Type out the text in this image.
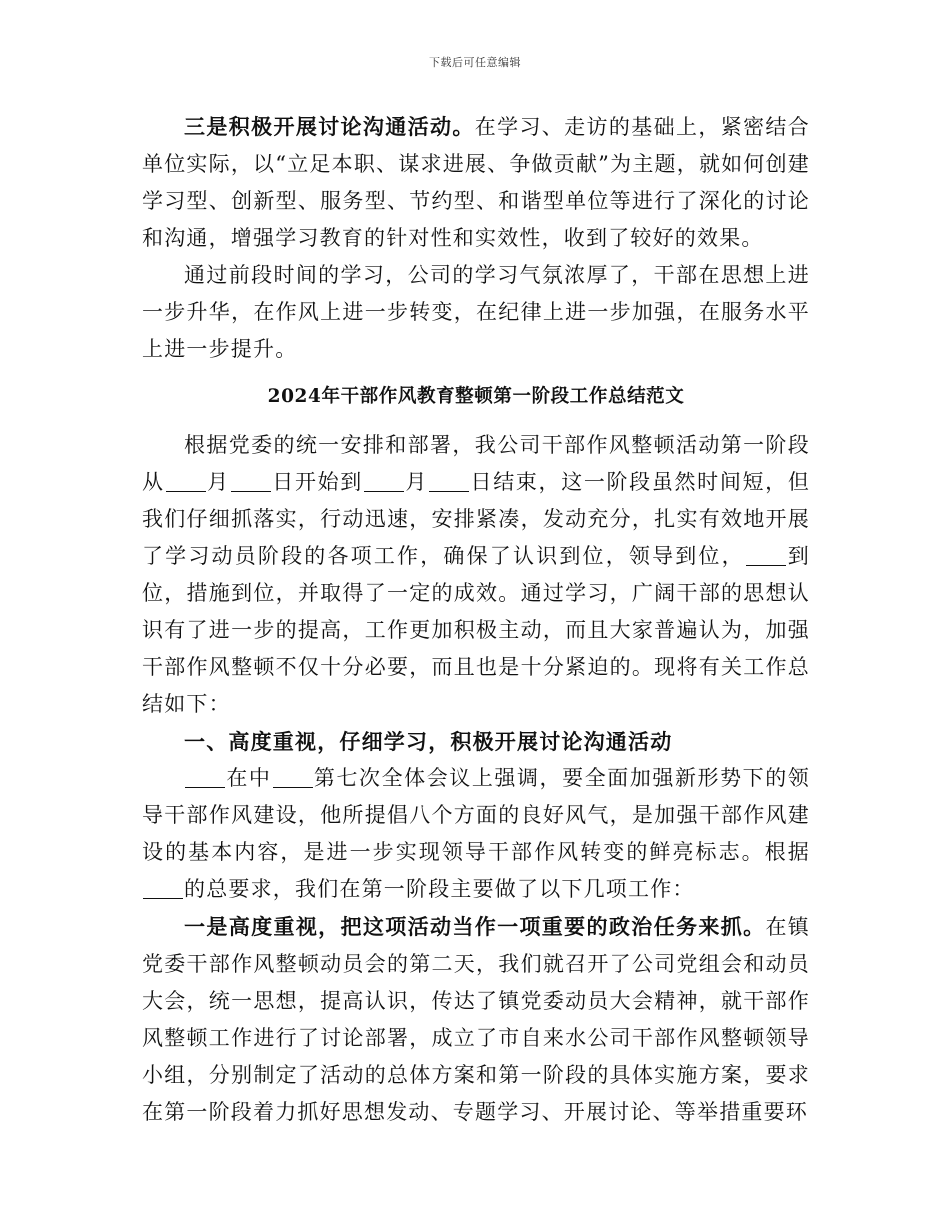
下载后可任意编辑

三是积极开展讨论沟通活动。在学习、走访的基础上，紧密结合单位实际，以“立足本职、谋求进展、争做贡献”为主题，就如何创建学习型、创新型、服务型、节约型、和谐型单位等进行了深化的讨论和沟通，增强学习教育的针对性和实效性，收到了较好的效果。

通过前段时间的学习，公司的学习气氛浓厚了，干部在思想上进一步升华，在作风上进一步转变，在纪律上进一步加强，在服务水平上进一步提升。

2024年干部作风教育整顿第一阶段工作总结范文

根据党委的统一安排和部署，我公司干部作风整顿活动第一阶段从 月 日开始到 月 日结束，这一阶段虽然时间短，但我们仔细抓落实，行动迅速，安排紧凑，发动充分，扎实有效地开展了学习动员阶段的各项工作，确保了认识到位，领导到位， 到位，措施到位，并取得了一定的成效。通过学习，广阔干部的思想认识有了进一步的提高，工作更加积极主动，而且大家普遍认为，加强干部作风整顿不仅十分必要，而且也是十分紧迫的。现将有关工作总结如下：

一、高度重视，仔细学习，积极开展讨论沟通活动

在中 第七次全体会议上强调，要全面加强新形势下的领导干部作风建设，他所提倡八个方面的良好风气，是加强干部作风建设的基本内容，是进一步实现领导干部作风转变的鲜亮标志。根据的总要求，我们在第一阶段主要做了以下几项工作：

一是高度重视，把这项活动当作一项重要的政治任务来抓。在镇党委干部作风整顿动员会的第二天，我们就召开了公司党组会和动员大会，统一思想，提高认识，传达了镇党委动员大会精神，就干部作风整顿工作进行了讨论部署，成立了市自来水公司干部作风整顿领导小组，分别制定了活动的总体方案和第一阶段的具体实施方案，要求在第一阶段着力抓好思想发动、专题学习、开展讨论、等举措重要环
